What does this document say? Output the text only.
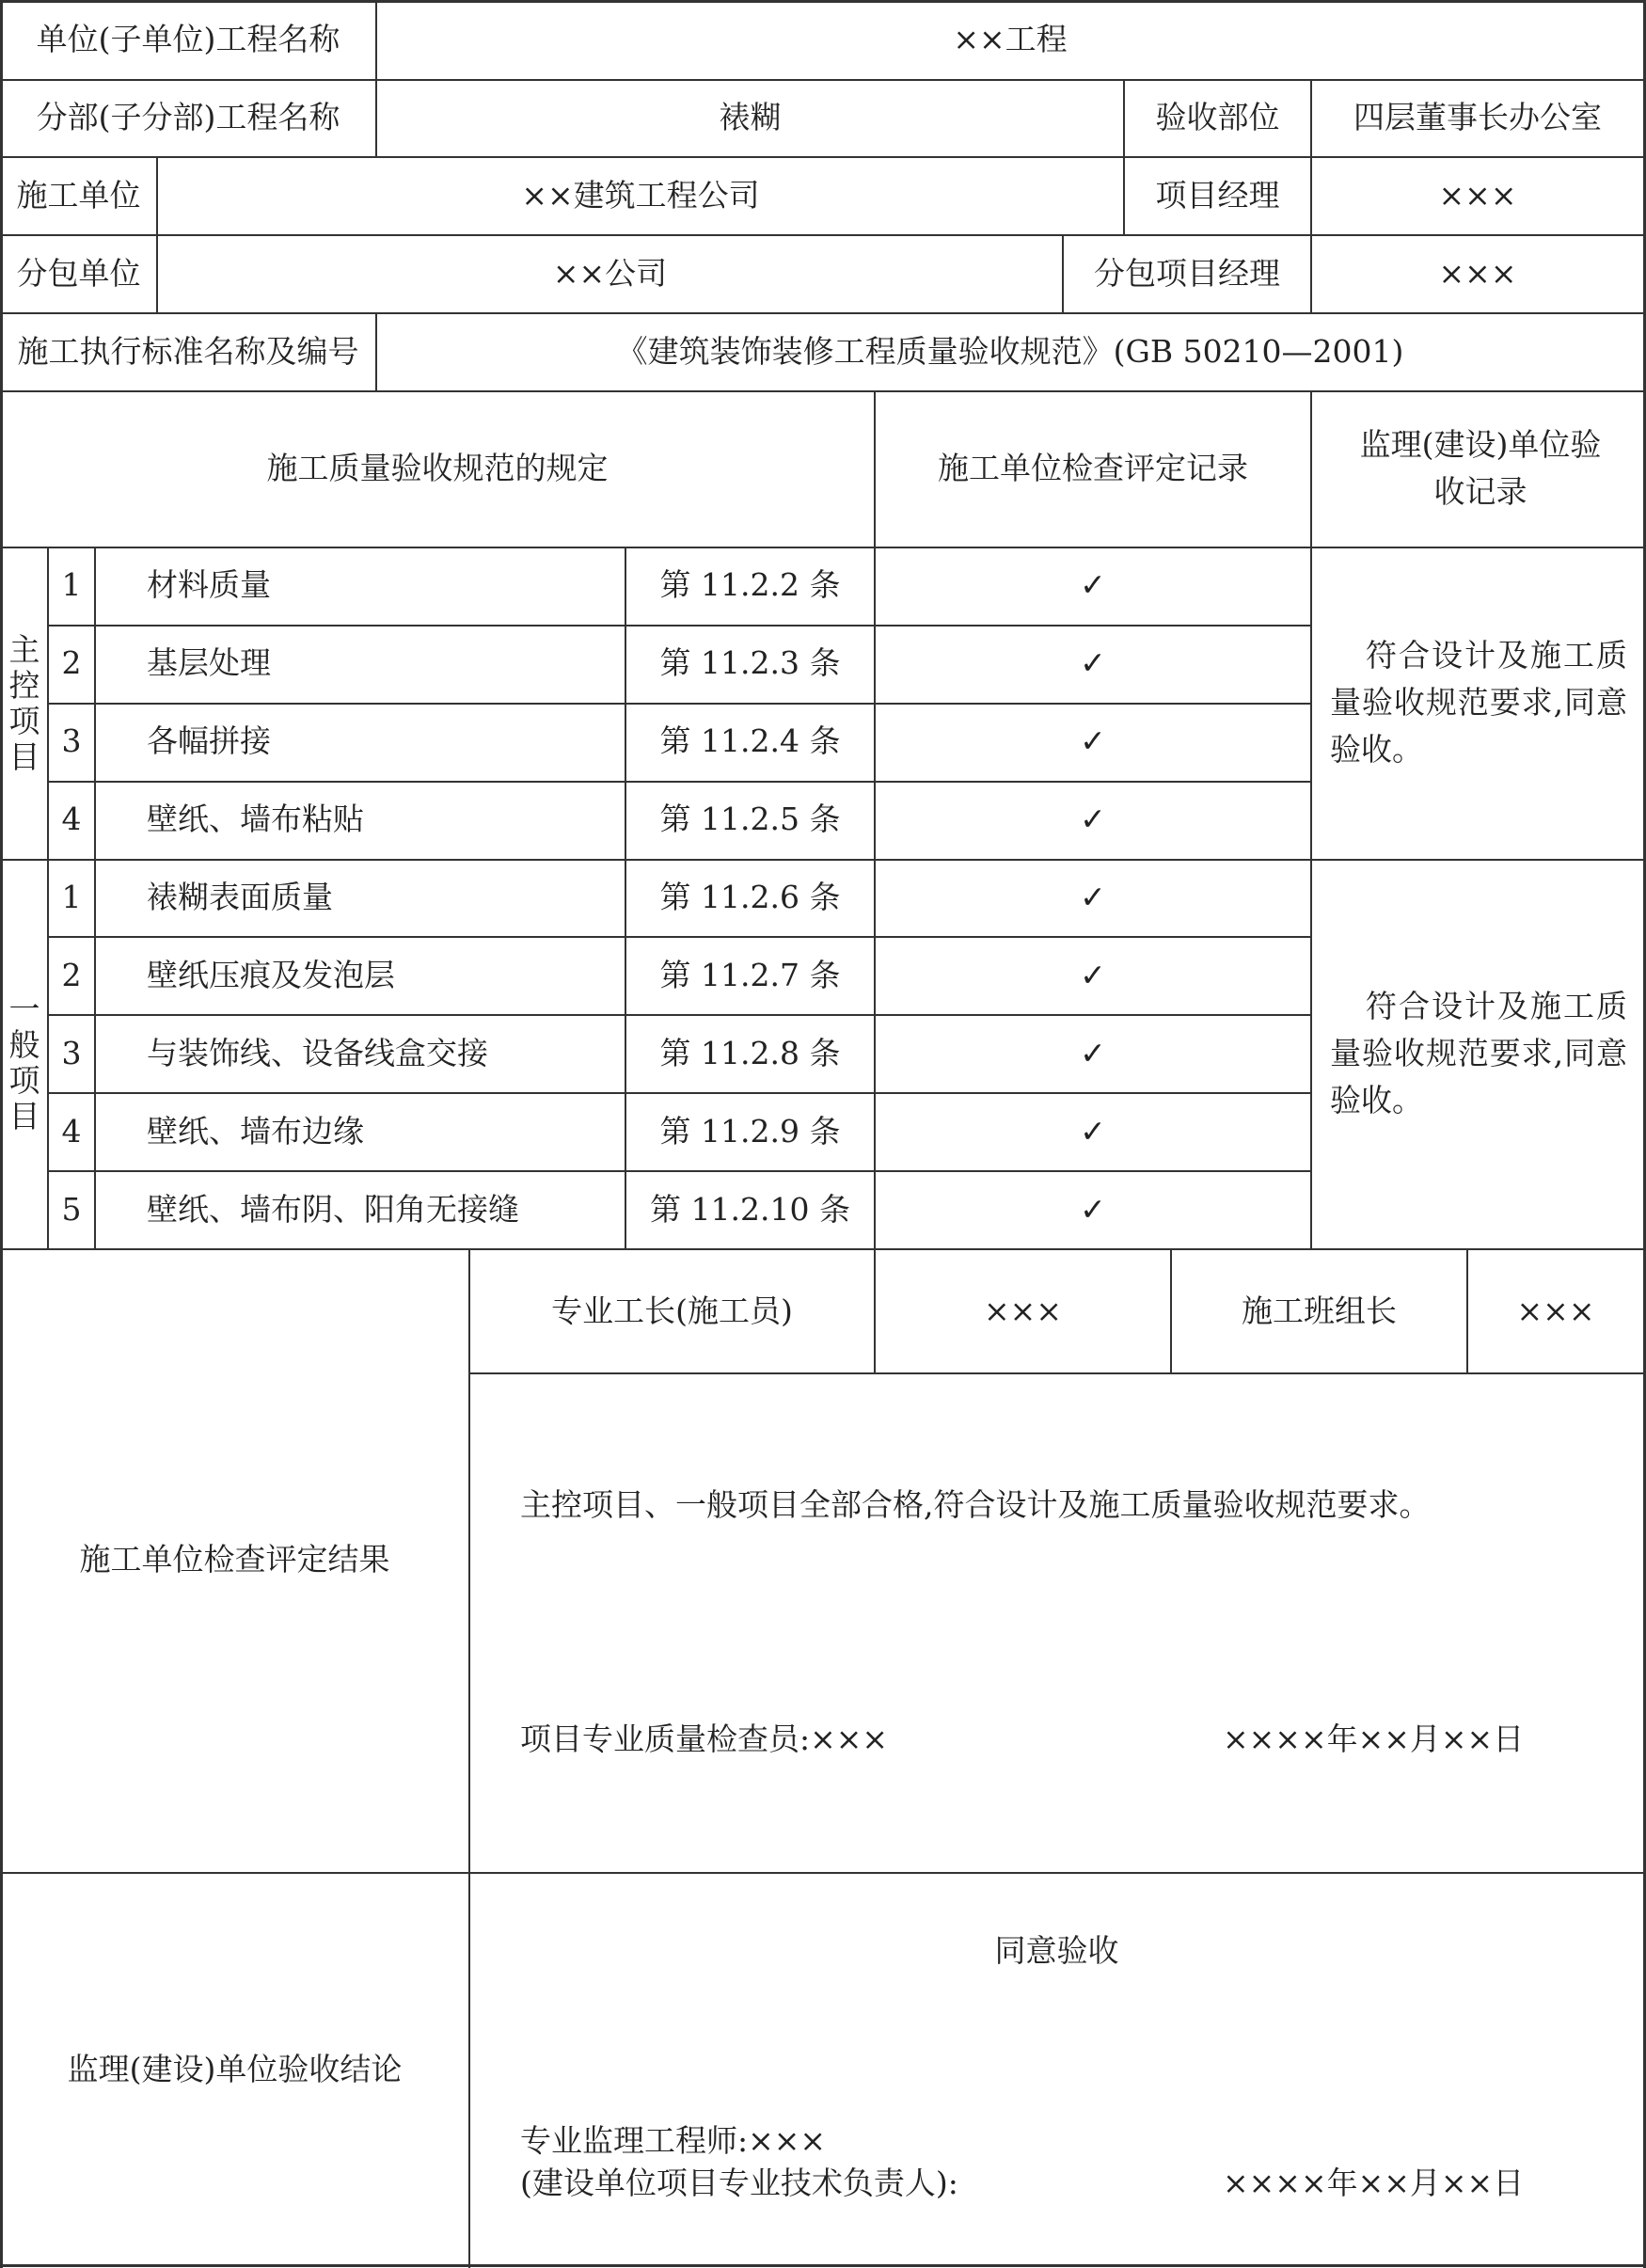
单位(子单位)工程名称	××工程
分部(子分部)工程名称	裱糊	验收部位	四层董事长办公室
施工单位	××建筑工程公司	项目经理	×××
分包单位	××公司	分包项目经理	×××
施工执行标准名称及编号	《建筑装饰装修工程质量验收规范》(GB 50210—2001)
施工质量验收规范的规定	施工单位检查评定记录
监理(建设)单位验收记录
主控项目
1	材料质量	第 11.2.2 条	✓
2	基层处理	第 11.2.3 条	✓
3	各幅拼接	第 11.2.4 条	✓
4	壁纸、墙布粘贴	第 11.2.5 条	✓
符合设计及施工质量验收规范要求,同意验收。
一般项目
1	裱糊表面质量	第 11.2.6 条	✓
2	壁纸压痕及发泡层	第 11.2.7 条	✓
3	与装饰线、设备线盒交接	第 11.2.8 条	✓
4	壁纸、墙布边缘	第 11.2.9 条	✓
5	壁纸、墙布阴、阳角无接缝	第 11.2.10 条	✓
符合设计及施工质量验收规范要求,同意验收。
施工单位检查评定结果
专业工长(施工员)	×××	施工班组长	×××
主控项目、一般项目全部合格,符合设计及施工质量验收规范要求。
项目专业质量检查员:×××	××××年××月××日
监理(建设)单位验收结论
同意验收
专业监理工程师:×××
(建设单位项目专业技术负责人):	××××年××月××日
